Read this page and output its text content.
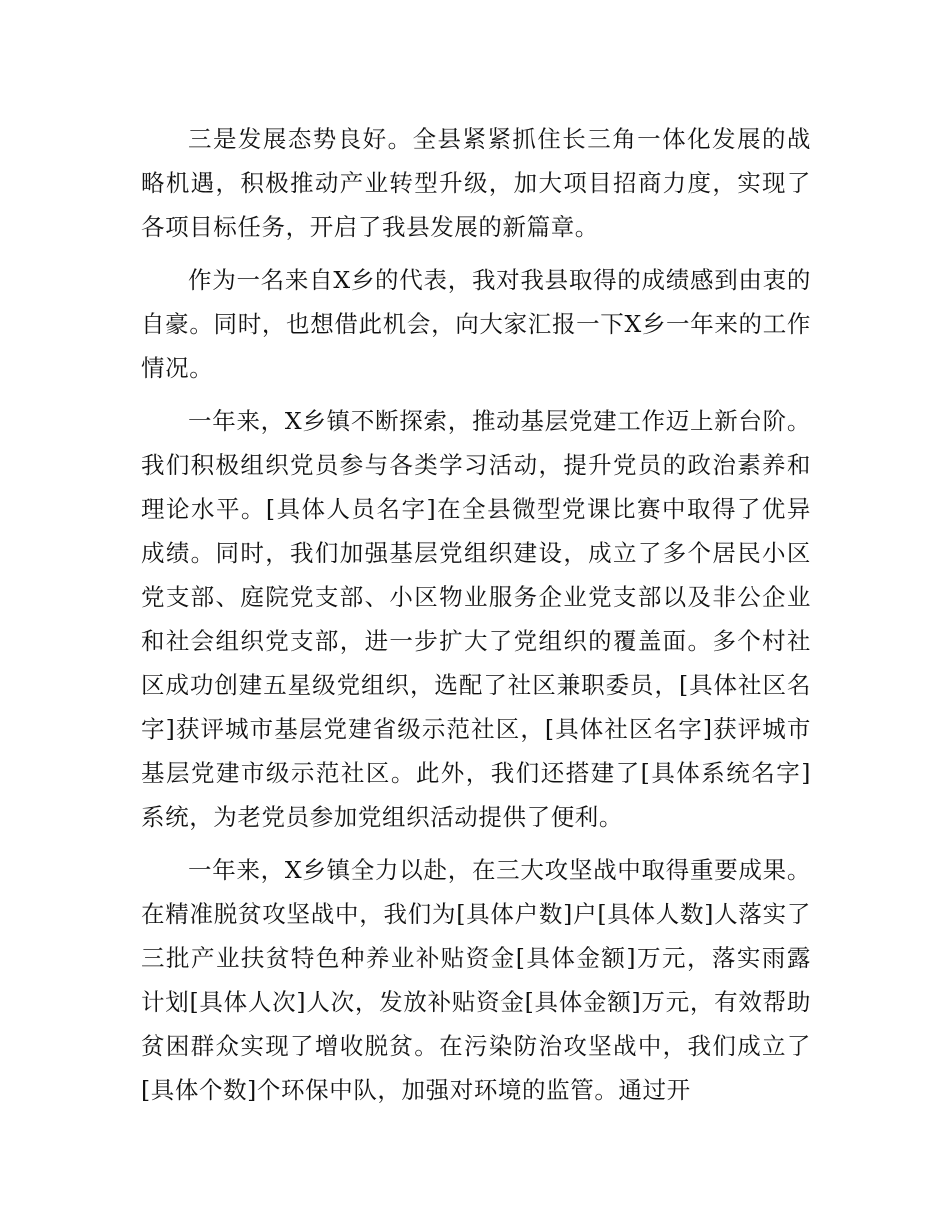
三是发展态势良好。全县紧紧抓住长三角一体化发展的战略机遇，积极推动产业转型升级，加大项目招商力度，实现了各项目标任务，开启了我县发展的新篇章。

作为一名来自X乡的代表，我对我县取得的成绩感到由衷的自豪。同时，也想借此机会，向大家汇报一下X乡一年来的工作情况。

一年来，X乡镇不断探索，推动基层党建工作迈上新台阶。我们积极组织党员参与各类学习活动，提升党员的政治素养和理论水平。[具体人员名字]在全县微型党课比赛中取得了优异成绩。同时，我们加强基层党组织建设，成立了多个居民小区党支部、庭院党支部、小区物业服务企业党支部以及非公企业和社会组织党支部，进一步扩大了党组织的覆盖面。多个村社区成功创建五星级党组织，选配了社区兼职委员，[具体社区名字]获评城市基层党建省级示范社区，[具体社区名字]获评城市基层党建市级示范社区。此外，我们还搭建了[具体系统名字]系统，为老党员参加党组织活动提供了便利。

一年来，X乡镇全力以赴，在三大攻坚战中取得重要成果。在精准脱贫攻坚战中，我们为[具体户数]户[具体人数]人落实了三批产业扶贫特色种养业补贴资金[具体金额]万元，落实雨露计划[具体人次]人次，发放补贴资金[具体金额]万元，有效帮助贫困群众实现了增收脱贫。在污染防治攻坚战中，我们成立了[具体个数]个环保中队，加强对环境的监管。通过开
